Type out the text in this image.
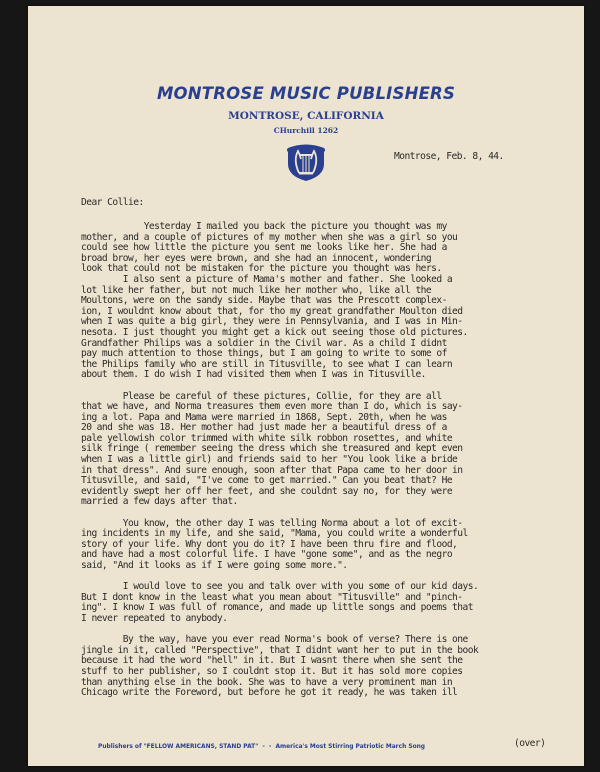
MONTROSE MUSIC PUBLISHERS

MONTROSE, CALIFORNIA

CHurchill 1262

Montrose, Feb. 8, 44.

Dear Collie:

Yesterday I mailed you back the picture you thought was my
mother, and a couple of pictures of my mother when she was a girl so you
could see how little the picture you sent me looks like her. She had a
broad brow, her eyes were brown, and she had an innocent, wondering
look that could not be mistaken for the picture you thought was hers.
I also sent a picture of Mama's mother and father. She looked a
lot like her father, but not much like her mother who, like all the
Moultons, were on the sandy side. Maybe that was the Prescott complex-
ion, I wouldnt know about that, for tho my great grandfather Moulton died
when I was quite a big girl, they were in Pennsylvania, and I was in Min-
nesota. I just thought you might get a kick out seeing those old pictures.
Grandfather Philips was a soldier in the Civil war. As a child I didnt
pay much attention to those things, but I am going to write to some of
the Philips family who are still in Titusville, to see what I can learn
about them. I do wish I had visited them when I was in Titusville.

Please be careful of these pictures, Collie, for they are all
that we have, and Norma treasures them even more than I do, which is say-
ing a lot. Papa and Mama were married in 1868, Sept. 20th, when he was
20 and she was 18. Her mother had just made her a beautiful dress of a
pale yellowish color trimmed with white silk robbon rosettes, and white
silk fringe ( remember seeing the dress which she treasured and kept even
when I was a little girl) and friends said to her "You look like a bride
in that dress". And sure enough, soon after that Papa came to her door in
Titusville, and said, "I've come to get married." Can you beat that? He
evidently swept her off her feet, and she couldnt say no, for they were
married a few days after that.

You know, the other day I was telling Norma about a lot of excit-
ing incidents in my life, and she said, "Mama, you could write a wonderful
story of your life. Why dont you do it? I have been thru fire and flood,
and have had a most colorful life. I have "gone some", and as the negro
said, "And it looks as if I were going some more.".

I would love to see you and talk over with you some of our kid days.
But I dont know in the least what you mean about "Titusville" and "pinch-
ing". I know I was full of romance, and made up little songs and poems that
I never repeated to anybody.

By the way, have you ever read Norma's book of verse? There is one
jingle in it, called "Perspective", that I didnt want her to put in the book
because it had the word "hell" in it. But I wasnt there when she sent the
stuff to her publisher, so I couldnt stop it. But it has sold more copies
than anything else in the book. She was to have a very prominent man in
Chicago write the Foreword, but before he got it ready, he was taken ill

(over)

Publishers of "FELLOW AMERICANS, STAND PAT"  -  -  America's Most Stirring Patriotic March Song
